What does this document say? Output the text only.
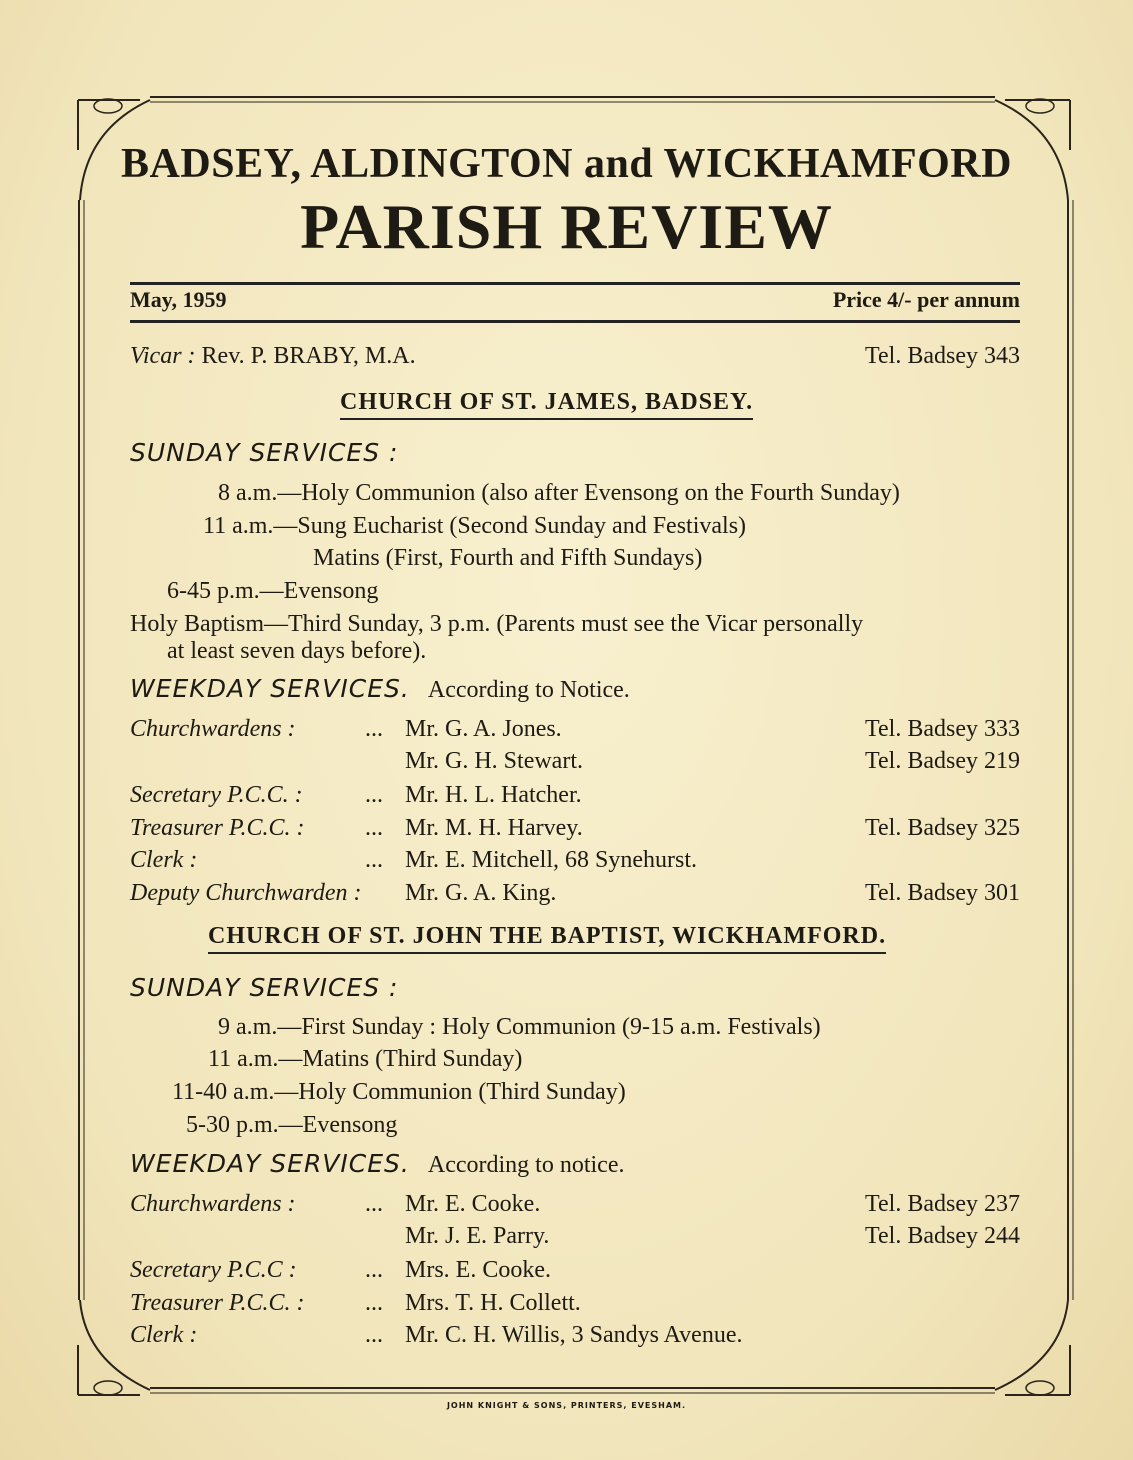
BADSEY, ALDINGTON and WICKHAMFORD
PARISH REVIEW
May, 1959	Price 4/- per annum
Vicar : Rev. P. BRABY, M.A.	Tel. Badsey 343
CHURCH OF ST. JAMES, BADSEY.
SUNDAY SERVICES :
8 a.m.—Holy Communion (also after Evensong on the Fourth Sunday)
11 a.m.—Sung Eucharist (Second Sunday and Festivals)
Matins (First, Fourth and Fifth Sundays)
6-45 p.m.—Evensong
Holy Baptism—Third Sunday, 3 p.m. (Parents must see the Vicar personally
at least seven days before).
WEEKDAY SERVICES. According to Notice.
Churchwardens :	... Mr. G. A. Jones.	Tel. Badsey 333
Mr. G. H. Stewart.	Tel. Badsey 219
Secretary P.C.C. :	... Mr. H. L. Hatcher.
Treasurer P.C.C. :	... Mr. M. H. Harvey.	Tel. Badsey 325
Clerk :	... Mr. E. Mitchell, 68 Synehurst.
Deputy Churchwarden : Mr. G. A. King.	Tel. Badsey 301
CHURCH OF ST. JOHN THE BAPTIST, WICKHAMFORD.
SUNDAY SERVICES :
9 a.m.—First Sunday : Holy Communion (9-15 a.m. Festivals)
11 a.m.—Matins (Third Sunday)
11-40 a.m.—Holy Communion (Third Sunday)
5-30 p.m.—Evensong
WEEKDAY SERVICES. According to notice.
Churchwardens :	... Mr. E. Cooke.	Tel. Badsey 237
Mr. J. E. Parry.	Tel. Badsey 244
Secretary P.C.C :	... Mrs. E. Cooke.
Treasurer P.C.C. :	... Mrs. T. H. Collett.
Clerk :	... Mr. C. H. Willis, 3 Sandys Avenue.
JOHN KNIGHT & SONS, PRINTERS, EVESHAM.
